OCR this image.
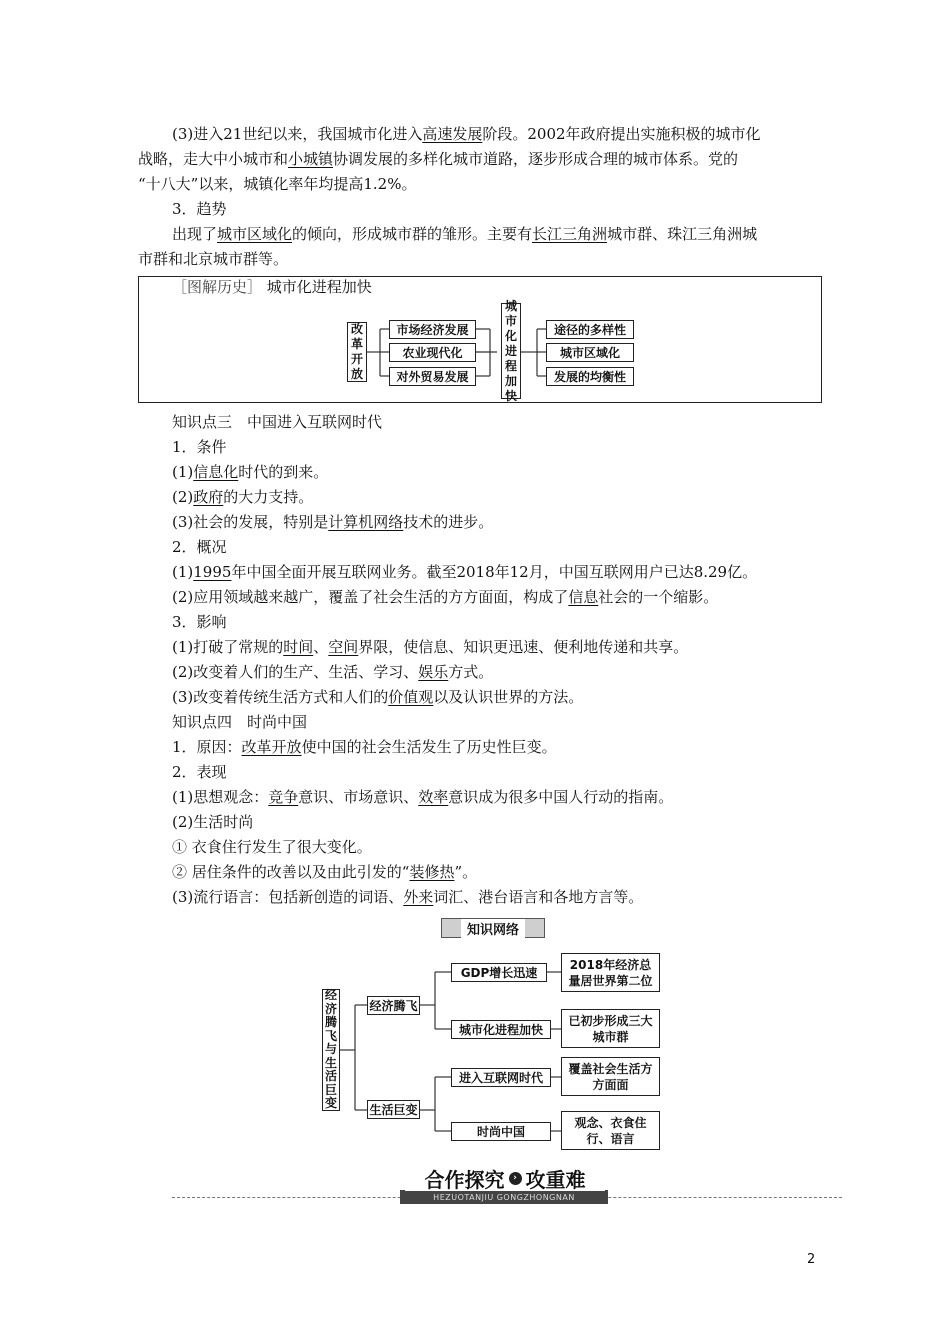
(3)进入21世纪以来，我国城市化进入高速发展阶段。2002年政府提出实施积极的城市化
战略，走大中小城市和小城镇协调发展的多样化城市道路，逐步形成合理的城市体系。党的
“十八大”以来，城镇化率年均提高1.2%。
3．趋势
出现了城市区域化的倾向，形成城市群的雏形。主要有长江三角洲城市群、珠江三角洲城
市群和北京城市群等。
［图解历史］ 城市化进程加快
改革开放
市场经济发展
农业现代化
对外贸易发展
城市化进程加快
途径的多样性
城市区域化
发展的均衡性
知识点三　中国进入互联网时代
1．条件
(1)信息化时代的到来。
(2)政府的大力支持。
(3)社会的发展，特别是计算机网络技术的进步。
2．概况
(1)1995年中国全面开展互联网业务。截至2018年12月，中国互联网用户已达8.29亿。
(2)应用领域越来越广，覆盖了社会生活的方方面面，构成了信息社会的一个缩影。
3．影响
(1)打破了常规的时间、空间界限，使信息、知识更迅速、便利地传递和共享。
(2)改变着人们的生产、生活、学习、娱乐方式。
(3)改变着传统生活方式和人们的价值观以及认识世界的方法。
知识点四　时尚中国
1．原因：改革开放使中国的社会生活发生了历史性巨变。
2．表现
(1)思想观念：竞争意识、市场意识、效率意识成为很多中国人行动的指南。
(2)生活时尚
① 衣食住行发生了很大变化。
② 居住条件的改善以及由此引发的“装修热”。
(3)流行语言：包括新创造的词语、外来词汇、港台语言和各地方言等。
知识网络
经济腾飞与生活巨变
经济腾飞
生活巨变
GDP增长迅速
城市化进程加快
进入互联网时代
时尚中国
2018年经济总量居世界第二位
已初步形成三大城市群
覆盖社会生活方方面面
观念、衣食住行、语言
HEZUOTANJIU GONGZHONGNAN
合作探究 › 攻重难
2
